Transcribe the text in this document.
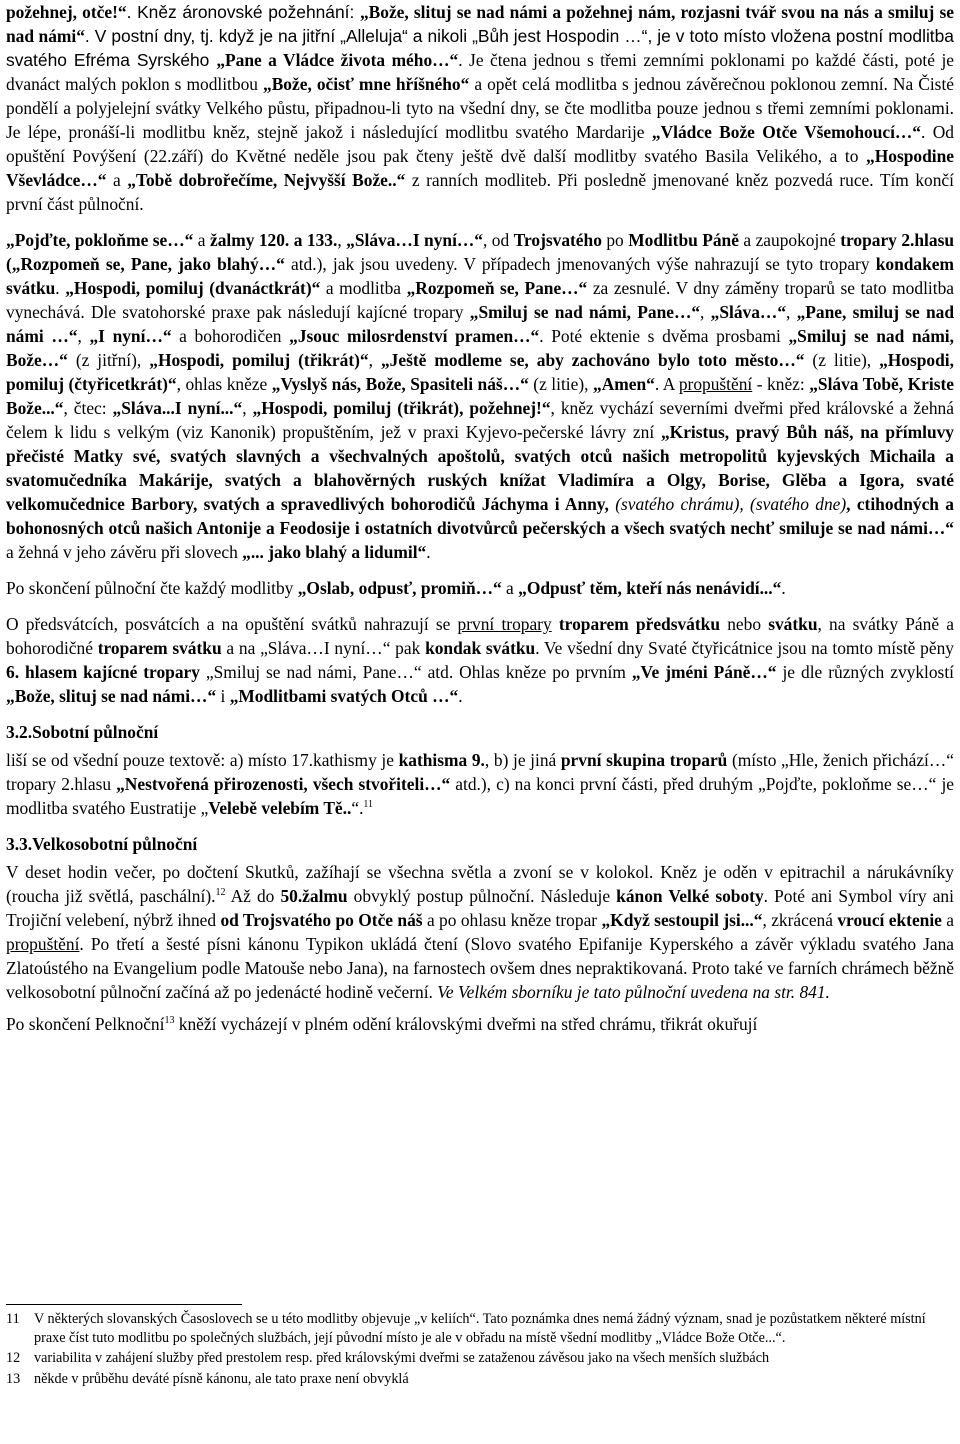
požehnej, otče!“. Kněz áronovské požehnání: „Bože, slituj se nad námi a požehnej nám, rozjasni tvář svou na nás a smiluj se nad námi“. V postní dny, tj. když je na jitřní „Alleluja“ a nikoli „Bůh jest Hospodin …“, je v toto místo vložena postní modlitba svatého Efréma Syrského „Pane a Vládce života mého…“. Je čtena jednou s třemi zemními poklonami po každé části, poté je dvanáct malých poklon s modlitbou „Bože, očisť mne hříšného“ a opět celá modlitba s jednou závěrečnou poklonou zemní. Na Čisté pondělí a polyjelejní svátky Velkého půstu, připadnou-li tyto na všední dny, se čte modlitba pouze jednou s třemi zemními poklonami. Je lépe, pronáší-li modlitbu kněz, stejně jakož i následující modlitbu svatého Mardarije „Vládce Bože Otče Všemohoucí…“. Od opuštění Povýšení (22.září) do Květné neděle jsou pak čteny ještě dvě další modlitby svatého Basila Velikého, a to „Hospodine Vševládce…“ a „Tobě dobrořečíme, Nejvyšší Bože..“ z ranních modliteb. Při posledně jmenované kněz pozvedá ruce. Tím končí první část půlnoční.

„Pojďte, pokloňme se…“ a žalmy 120. a 133., „Sláva…I nyní…“, od Trojsvatého po Modlitbu Páně a zaupokojné tropary 2.hlasu („Rozpomeň se, Pane, jako blahý…“ atd.), jak jsou uvedeny. V případech jmenovaných výše nahrazují se tyto tropary kondakem svátku. „Hospodi, pomiluj (dvanáctkrát)“ a modlitba „Rozpomeň se, Pane…“ za zesnulé. V dny záměny troparů se tato modlitba vynechává. Dle svatohorské praxe pak následují kajícné tropary „Smiluj se nad námi, Pane…“, „Sláva…“, „Pane, smiluj se nad námi …“, „I nyní…“ a bohorodičen „Jsouc milosrdenství pramen…“. Poté ektenie s dvěma prosbami „Smiluj se nad námi, Bože…“ (z jitřní), „Hospodi, pomiluj (třikrát)“, „Ještě modleme se, aby zachováno bylo toto město…“ (z litie), „Hospodi, pomiluj (čtyřicetkrát)“, ohlas kněze „Vyslyš nás, Bože, Spasiteli náš…“ (z litie), „Amen“. A propuštění - kněz: „Sláva Tobě, Kriste Bože...“, čtec: „Sláva...I nyní...“, „Hospodi, pomiluj (třikrát), požehnej!“, kněz vychází severními dveřmi před královské a žehná čelem k lidu s velkým (viz Kanonik) propuštěním, jež v praxi Kyjevo-pečerské lávry zní „Kristus, pravý Bůh náš, na přímluvy přečisté Matky své, svatých slavných a všechvalných apoštolů, svatých otců našich metropolitů kyjevských Michaila a svatomučedníka Makárije, svatých a blahověrných ruských knížat Vladimíra a Olgy, Borise, Glěba a Igora, svaté velkomučednice Barbory, svatých a spravedlivých bohorodičů Jáchyma i Anny, (svatého chrámu), (svatého dne), ctihodných a bohonosných otců našich Antonije a Feodosije i ostatních divotvůrců pečerských a všech svatých nechť smiluje se nad námi…“ a žehná v jeho závěru při slovech „... jako blahý a lidumil“.

Po skončení půlnoční čte každý modlitby „Oslab, odpusť, promiň…“ a „Odpusť těm, kteří nás nenávidí...“.

O předsvátcích, posvátcích a na opuštění svátků nahrazují se první tropary troparem předsvátku nebo svátku, na svátky Páně a bohorodičné troparem svátku a na „Sláva…I nyní…“ pak kondak svátku. Ve všední dny Svaté čtyřicátnice jsou na tomto místě pěny 6. hlasem kajícné tropary „Smiluj se nad námi, Pane…“ atd. Ohlas kněze po prvním „Ve jméni Páně…“ je dle různých zvyklostí „Bože, slituj se nad námi…“ i „Modlitbami svatých Otců …“.

3.2.Sobotní půlnoční

liší se od všední pouze textově: a) místo 17.kathismy je kathisma 9., b) je jiná první skupina troparů (místo „Hle, ženich přichází…“ tropary 2.hlasu „Nestvořená přirozenosti, všech stvořiteli…“ atd.), c) na konci první části, před druhým „Pojďte, pokloňme se…“ je modlitba svatého Eustratije „Velebě velebím Tě..“.$^{11}$

3.3.Velkosobotní půlnoční

V deset hodin večer, po dočtení Skutků, zažíhají se všechna světla a zvoní se v kolokol. Kněz je oděn v epitrachil a nárukávníky (roucha již světlá, paschální).$^{12}$ Až do 50.žalmu obvyklý postup půlnoční. Následuje kánon Velké soboty. Poté ani Symbol víry ani Trojiční velebení, nýbrž ihned od Trojsvatého po Otče náš a po ohlasu kněze tropar „Když sestoupil jsi...“, zkrácená vroucí ektenie a propuštění. Po třetí a šesté písni kánonu Typikon ukládá čtení (Slovo svatého Epifanije Kyperského a závěr výkladu svatého Jana Zlatoústého na Evangelium podle Matouše nebo Jana), na farnostech ovšem dnes nepraktikovaná. Proto také ve farních chrámech běžně velkosobotní půlnoční začíná až po jedenácté hodině večerní. Ve Velkém sborníku je tato půlnoční uvedena na str. 841.

Po skončení Pelknoční$^{13}$ kněží vycházejí v plném odění královskými dveřmi na střed chrámu, třikrát okuřují

11 V některých slovanských Časoslovech se u této modlitby objevuje „v keliích“. Tato poznámka dnes nemá žádný význam, snad je pozůstatkem některé místní praxe číst tuto modlitbu po společných službách, její původní místo je ale v obřadu na místě všední modlitby „Vládce Bože Otče...“.
12 variabilita v zahájení služby před prestolem resp. před královskými dveřmi se zataženou závěsou jako na všech menších službách
13 někde v průběhu deváté písně kánonu, ale tato praxe není obvyklá
